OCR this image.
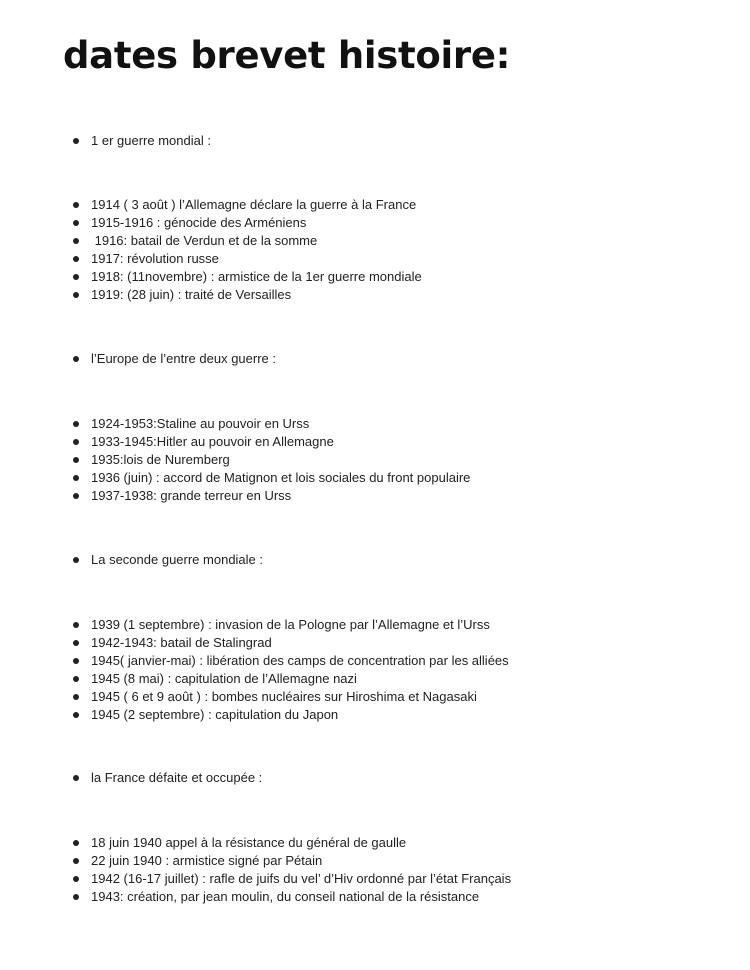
dates brevet histoire:
1 er guerre mondial :
1914 ( 3 août ) l’Allemagne déclare la guerre à la France
1915-1916 : génocide des Arméniens
1916: batail de Verdun et de la somme
1917: révolution russe
1918: (11novembre) : armistice de la 1er guerre mondiale
1919: (28 juin) : traité de Versailles
l’Europe de l’entre deux guerre :
1924-1953:Staline au pouvoir en Urss
1933-1945:Hitler au pouvoir en Allemagne
1935:lois de Nuremberg
1936 (juin) : accord de Matignon et lois sociales du front populaire
1937-1938: grande terreur en Urss
La seconde guerre mondiale :
1939 (1 septembre) : invasion de la Pologne par l’Allemagne et l’Urss
1942-1943: batail de Stalingrad
1945( janvier-mai) : libération des camps de concentration par les alliées
1945 (8 mai) : capitulation de l’Allemagne nazi
1945 ( 6 et 9 août ) : bombes nucléaires sur Hiroshima et Nagasaki
1945 (2 septembre) : capitulation du Japon
la France défaite et occupée :
18 juin 1940 appel à la résistance du général de gaulle
22 juin 1940 : armistice signé par Pétain
1942 (16-17 juillet) : rafle de juifs du vel’ d’Hiv ordonné par l’état Français
1943: création, par jean moulin, du conseil national de la résistance
